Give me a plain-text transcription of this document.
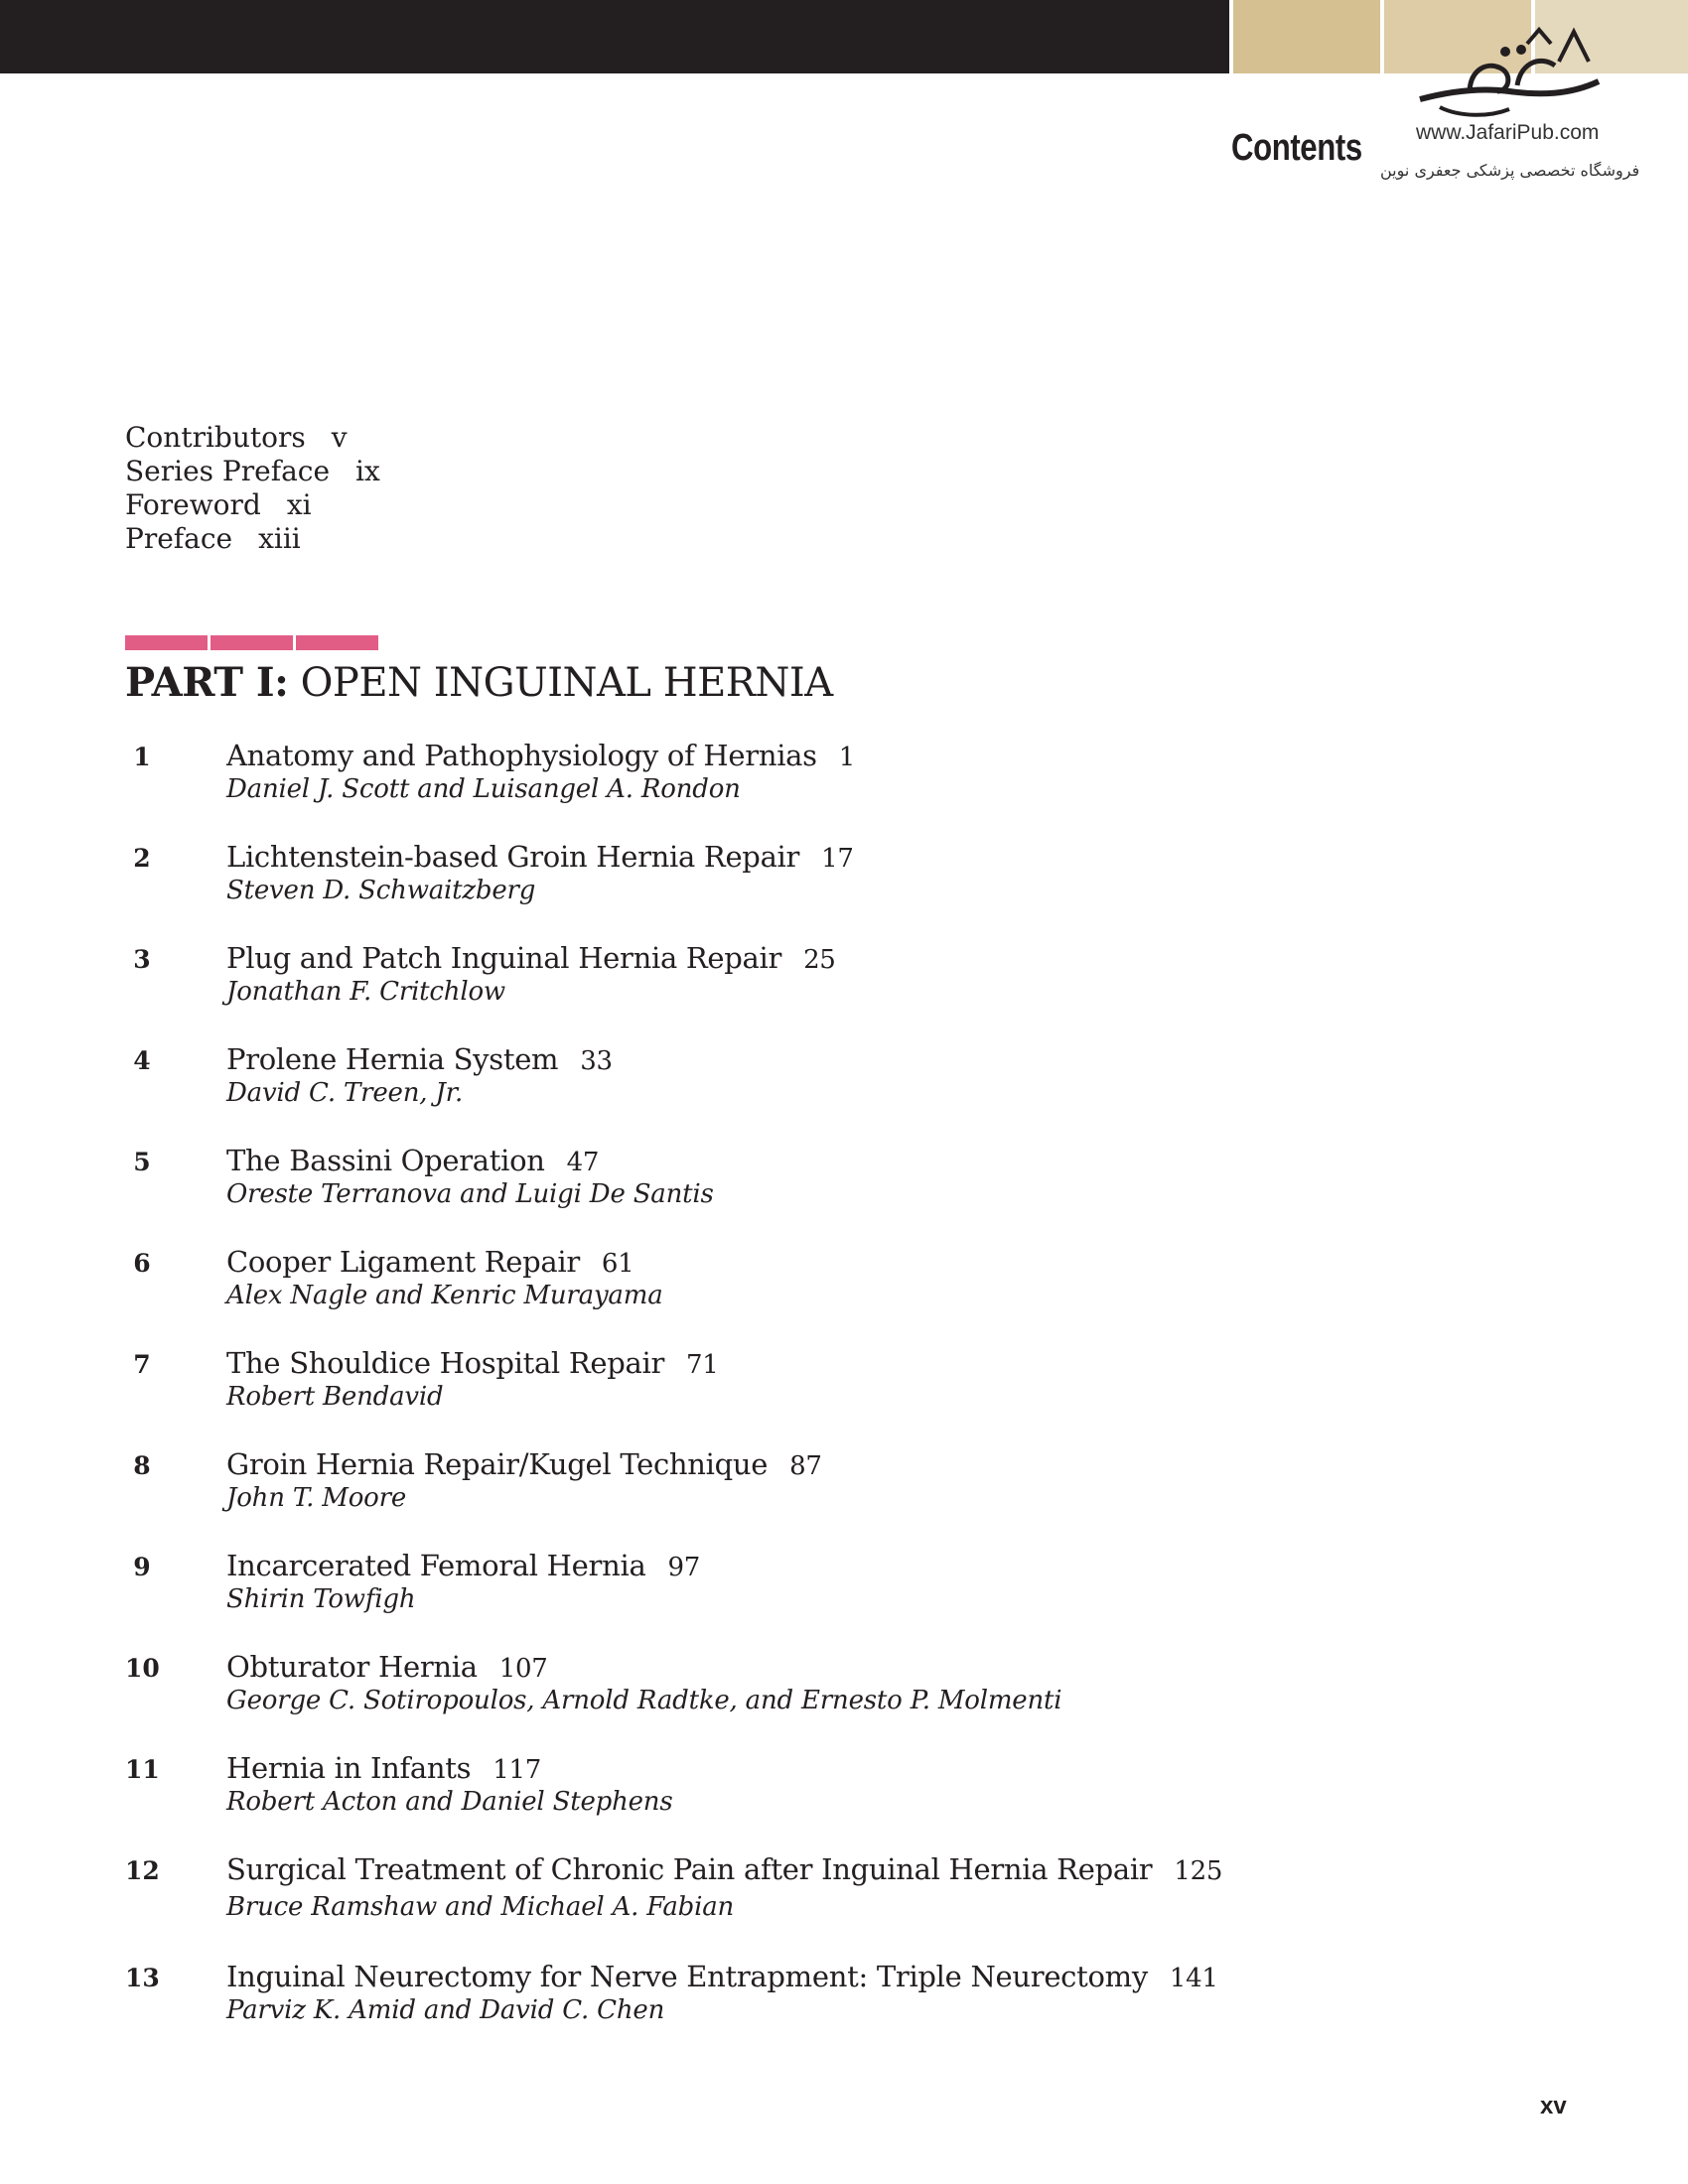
Contents	www.JafariPub.com
فروشگاه تخصصی پزشکی جعفری نوین
Contributors v
Series Preface ix
Foreword xi
Preface xiii
PART I: OPEN INGUINAL HERNIA
1	Anatomy and Pathophysiology of Hernias 1
Daniel J. Scott and Luisangel A. Rondon
2	Lichtenstein-based Groin Hernia Repair 17
Steven D. Schwaitzberg
3	Plug and Patch Inguinal Hernia Repair 25
Jonathan F. Critchlow
4	Prolene Hernia System 33
David C. Treen, Jr.
5	The Bassini Operation 47
Oreste Terranova and Luigi De Santis
6	Cooper Ligament Repair 61
Alex Nagle and Kenric Murayama
7	The Shouldice Hospital Repair 71
Robert Bendavid
8	Groin Hernia Repair/Kugel Technique 87
John T. Moore
9	Incarcerated Femoral Hernia 97
Shirin Towfigh
10 Obturator Hernia 107
George C. Sotiropoulos, Arnold Radtke, and Ernesto P. Molmenti
11 Hernia in Infants 117
Robert Acton and Daniel Stephens
12 Surgical Treatment of Chronic Pain after Inguinal Hernia Repair 125
Bruce Ramshaw and Michael A. Fabian
13 Inguinal Neurectomy for Nerve Entrapment: Triple Neurectomy 141
Parviz K. Amid and David C. Chen
xv
